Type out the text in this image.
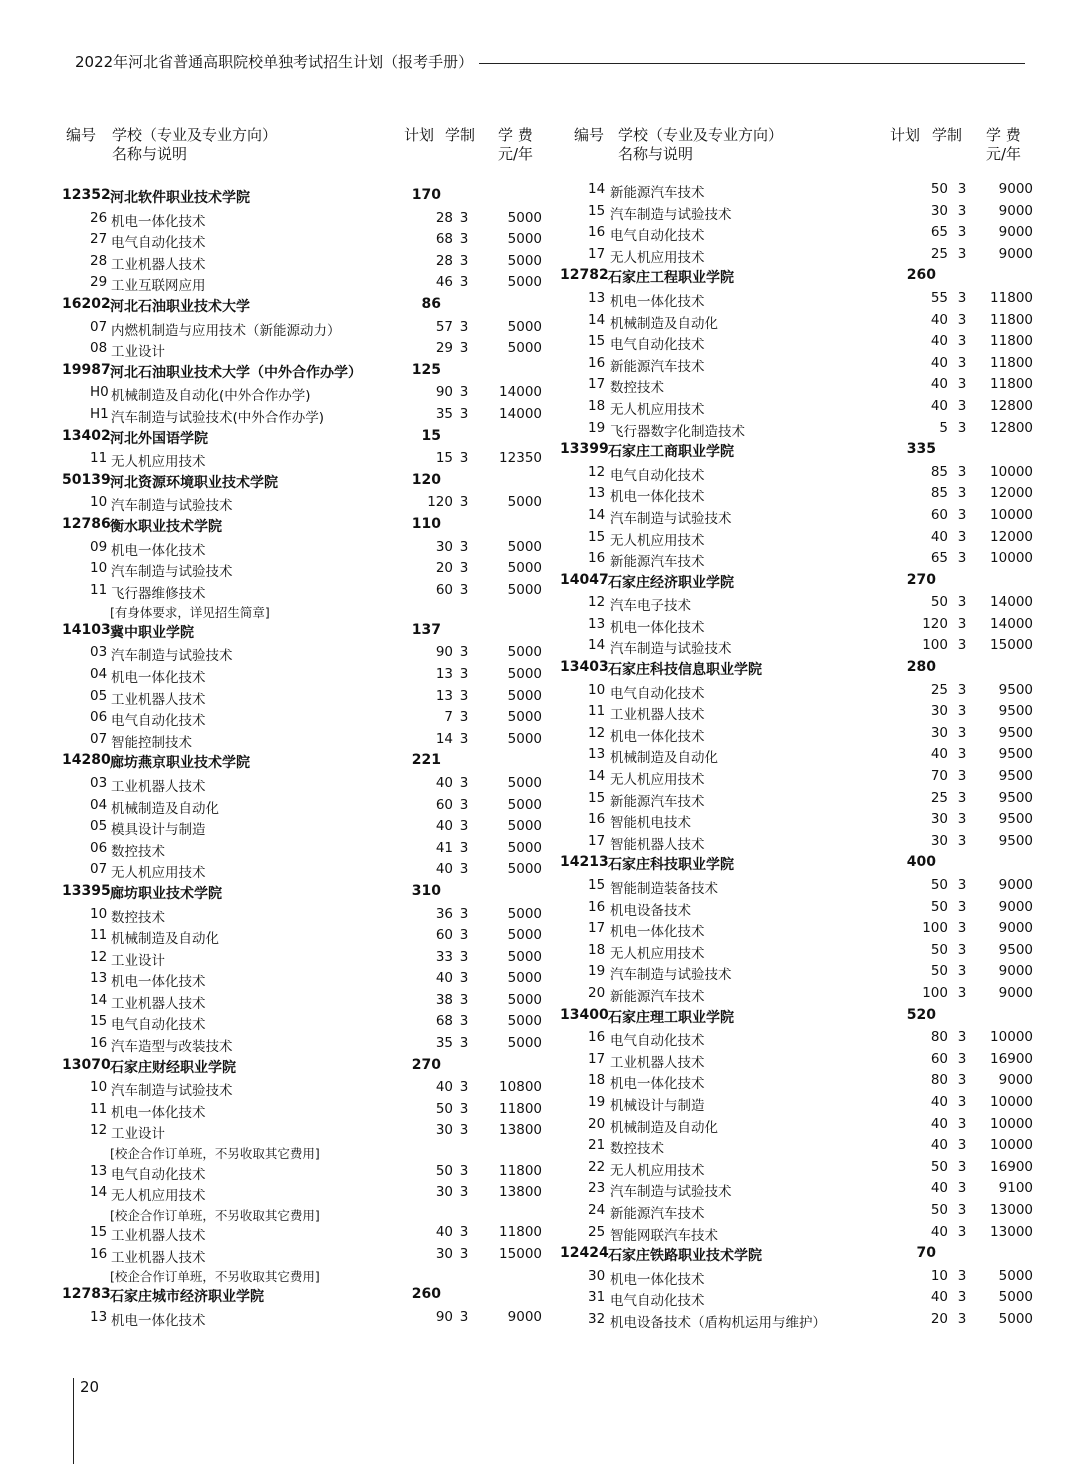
2022年河北省普通高职院校单独考试招生计划（报考手册）
编号 学校（专业及专业方向）
名称与说明
计划 学制 学 费
元/年
12352 河北软件职业技术学院	170
26 机电一体化技术	28 3	5000
27 电气自动化技术	68 3	5000
28 工业机器人技术	28 3	5000
29 工业互联网应用	46 3	5000
16202 河北石油职业技术大学	86
07 内燃机制造与应用技术（新能源动力）	57 3	5000
08 工业设计	29 3	5000
19987 河北石油职业技术大学（中外合作办学）	125
H0 机械制造及自动化(中外合作办学)	90 3	14000
H1 汽车制造与试验技术(中外合作办学)	35 3	14000
13402 河北外国语学院	15
11 无人机应用技术	15 3	12350
50139 河北资源环境职业技术学院	120
10 汽车制造与试验技术	120 3	5000
12786 衡水职业技术学院	110
09 机电一体化技术	30 3	5000
10 汽车制造与试验技术	20 3	5000
11 飞行器维修技术	60 3	5000
[有身体要求，详见招生简章]
14103 冀中职业学院	137
03 汽车制造与试验技术	90 3	5000
04 机电一体化技术	13 3	5000
05 工业机器人技术	13 3	5000
06 电气自动化技术	7 3	5000
07 智能控制技术	14 3	5000
14280 廊坊燕京职业技术学院	221
03 工业机器人技术	40 3	5000
04 机械制造及自动化	60 3	5000
05 模具设计与制造	40 3	5000
06 数控技术	41 3	5000
07 无人机应用技术	40 3	5000
13395 廊坊职业技术学院	310
10 数控技术	36 3	5000
11 机械制造及自动化	60 3	5000
12 工业设计	33 3	5000
13 机电一体化技术	40 3	5000
14 工业机器人技术	38 3	5000
15 电气自动化技术	68 3	5000
16 汽车造型与改装技术	35 3	5000
13070 石家庄财经职业学院	270
10 汽车制造与试验技术	40 3	10800
11 机电一体化技术	50 3	11800
12 工业设计	30 3	13800
[校企合作订单班，不另收取其它费用]
13 电气自动化技术	50 3	11800
14 无人机应用技术	30 3	13800
[校企合作订单班，不另收取其它费用]
15 工业机器人技术	40 3	11800
16 工业机器人技术	30 3	15000
[校企合作订单班，不另收取其它费用]
12783 石家庄城市经济职业学院	260
13 机电一体化技术	90 3	9000
编号 学校（专业及专业方向）
名称与说明
计划 学制 学 费
元/年
14 新能源汽车技术	50 3	9000
15 汽车制造与试验技术	30 3	9000
16 电气自动化技术	65 3	9000
17 无人机应用技术	25 3	9000
12782 石家庄工程职业学院	260
13 机电一体化技术	55 3	11800
14 机械制造及自动化	40 3	11800
15 电气自动化技术	40 3	11800
16 新能源汽车技术	40 3	11800
17 数控技术	40 3	11800
18 无人机应用技术	40 3	12800
19 飞行器数字化制造技术	5 3	12800
13399 石家庄工商职业学院	335
12 电气自动化技术	85 3	10000
13 机电一体化技术	85 3	12000
14 汽车制造与试验技术	60 3	10000
15 无人机应用技术	40 3	12000
16 新能源汽车技术	65 3	10000
14047 石家庄经济职业学院	270
12 汽车电子技术	50 3	14000
13 机电一体化技术	120 3	14000
14 汽车制造与试验技术	100 3	15000
13403 石家庄科技信息职业学院	280
10 电气自动化技术	25 3	9500
11 工业机器人技术	30 3	9500
12 机电一体化技术	30 3	9500
13 机械制造及自动化	40 3	9500
14 无人机应用技术	70 3	9500
15 新能源汽车技术	25 3	9500
16 智能机电技术	30 3	9500
17 智能机器人技术	30 3	9500
14213 石家庄科技职业学院	400
15 智能制造装备技术	50 3	9000
16 机电设备技术	50 3	9000
17 机电一体化技术	100 3	9000
18 无人机应用技术	50 3	9500
19 汽车制造与试验技术	50 3	9000
20 新能源汽车技术	100 3	9000
13400 石家庄理工职业学院	520
16 电气自动化技术	80 3	10000
17 工业机器人技术	60 3	16900
18 机电一体化技术	80 3	9000
19 机械设计与制造	40 3	10000
20 机械制造及自动化	40 3	10000
21 数控技术	40 3	10000
22 无人机应用技术	50 3	16900
23 汽车制造与试验技术	40 3	9100
24 新能源汽车技术	50 3	13000
25 智能网联汽车技术	40 3	13000
12424 石家庄铁路职业技术学院	70
30 机电一体化技术	10 3	5000
31 电气自动化技术	40 3	5000
32 机电设备技术（盾构机运用与维护）	20 3	5000
20
